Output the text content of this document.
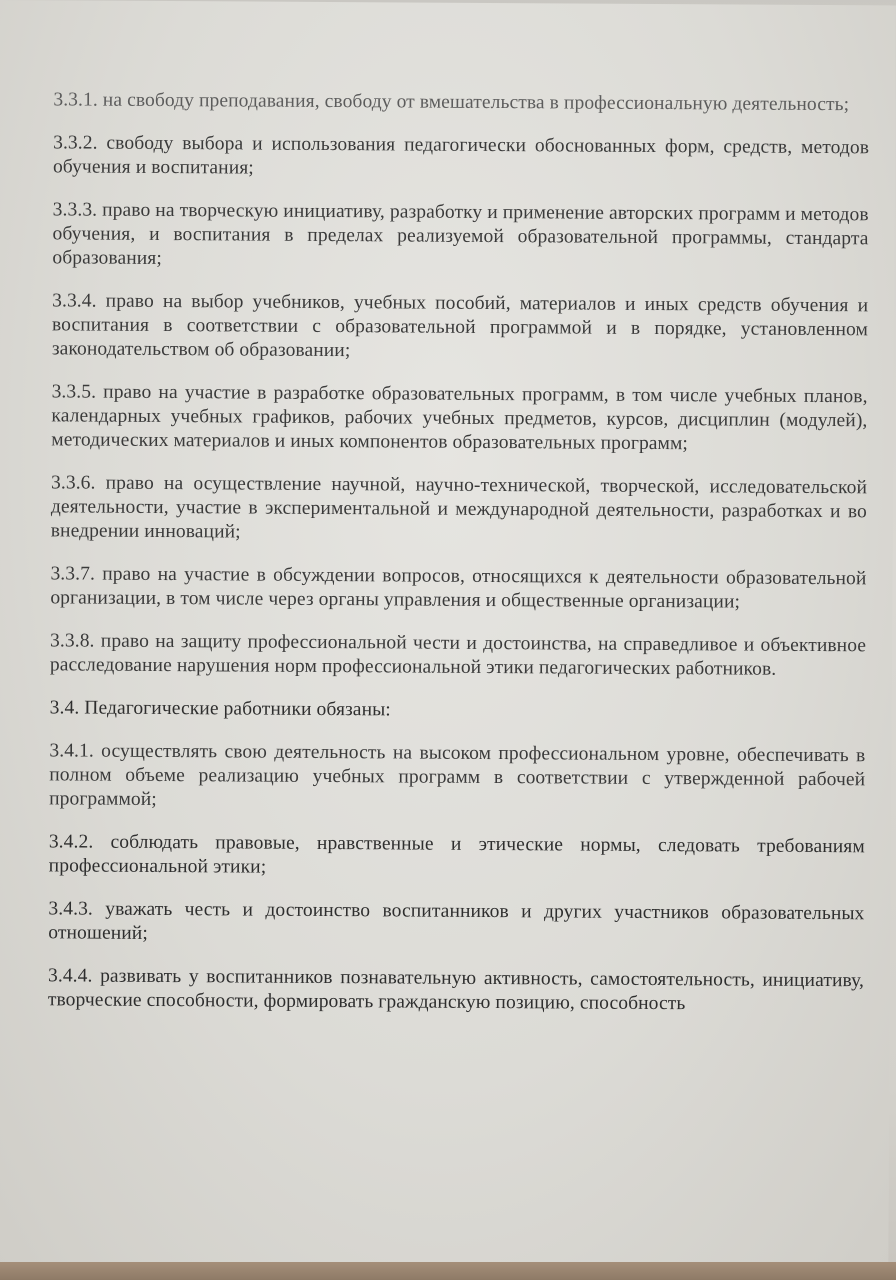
3.3.1. на свободу преподавания, свободу от вмешательства в профессиональную деятельность;

3.3.2. свободу выбора и использования педагогически обоснованных форм, средств, методов обучения и воспитания;

3.3.3. право на творческую инициативу, разработку и применение авторских программ и методов обучения, и воспитания в пределах реализуемой образовательной программы, стандарта образования;

3.3.4. право на выбор учебников, учебных пособий, материалов и иных средств обучения и воспитания в соответствии с образовательной программой и в порядке, установленном законодательством об образовании;

3.3.5. право на участие в разработке образовательных программ, в том числе учебных планов, календарных учебных графиков, рабочих учебных предметов, курсов, дисциплин (модулей), методических материалов и иных компонентов образовательных программ;

3.3.6. право на осуществление научной, научно-технической, творческой, исследовательской деятельности, участие в экспериментальной и международной деятельности, разработках и во внедрении инноваций;

3.3.7. право на участие в обсуждении вопросов, относящихся к деятельности образовательной организации, в том числе через органы управления и общественные организации;

3.3.8. право на защиту профессиональной чести и достоинства, на справедливое и объективное расследование нарушения норм профессиональной этики педагогических работников.

3.4. Педагогические работники обязаны:

3.4.1. осуществлять свою деятельность на высоком профессиональном уровне, обеспечивать в полном объеме реализацию учебных программ в соответствии с утвержденной рабочей программой;

3.4.2. соблюдать правовые, нравственные и этические нормы, следовать требованиям профессиональной этики;

3.4.3. уважать честь и достоинство воспитанников и других участников образовательных отношений;

3.4.4. развивать у воспитанников познавательную активность, самостоятельность, инициативу, творческие способности, формировать гражданскую позицию, способность
